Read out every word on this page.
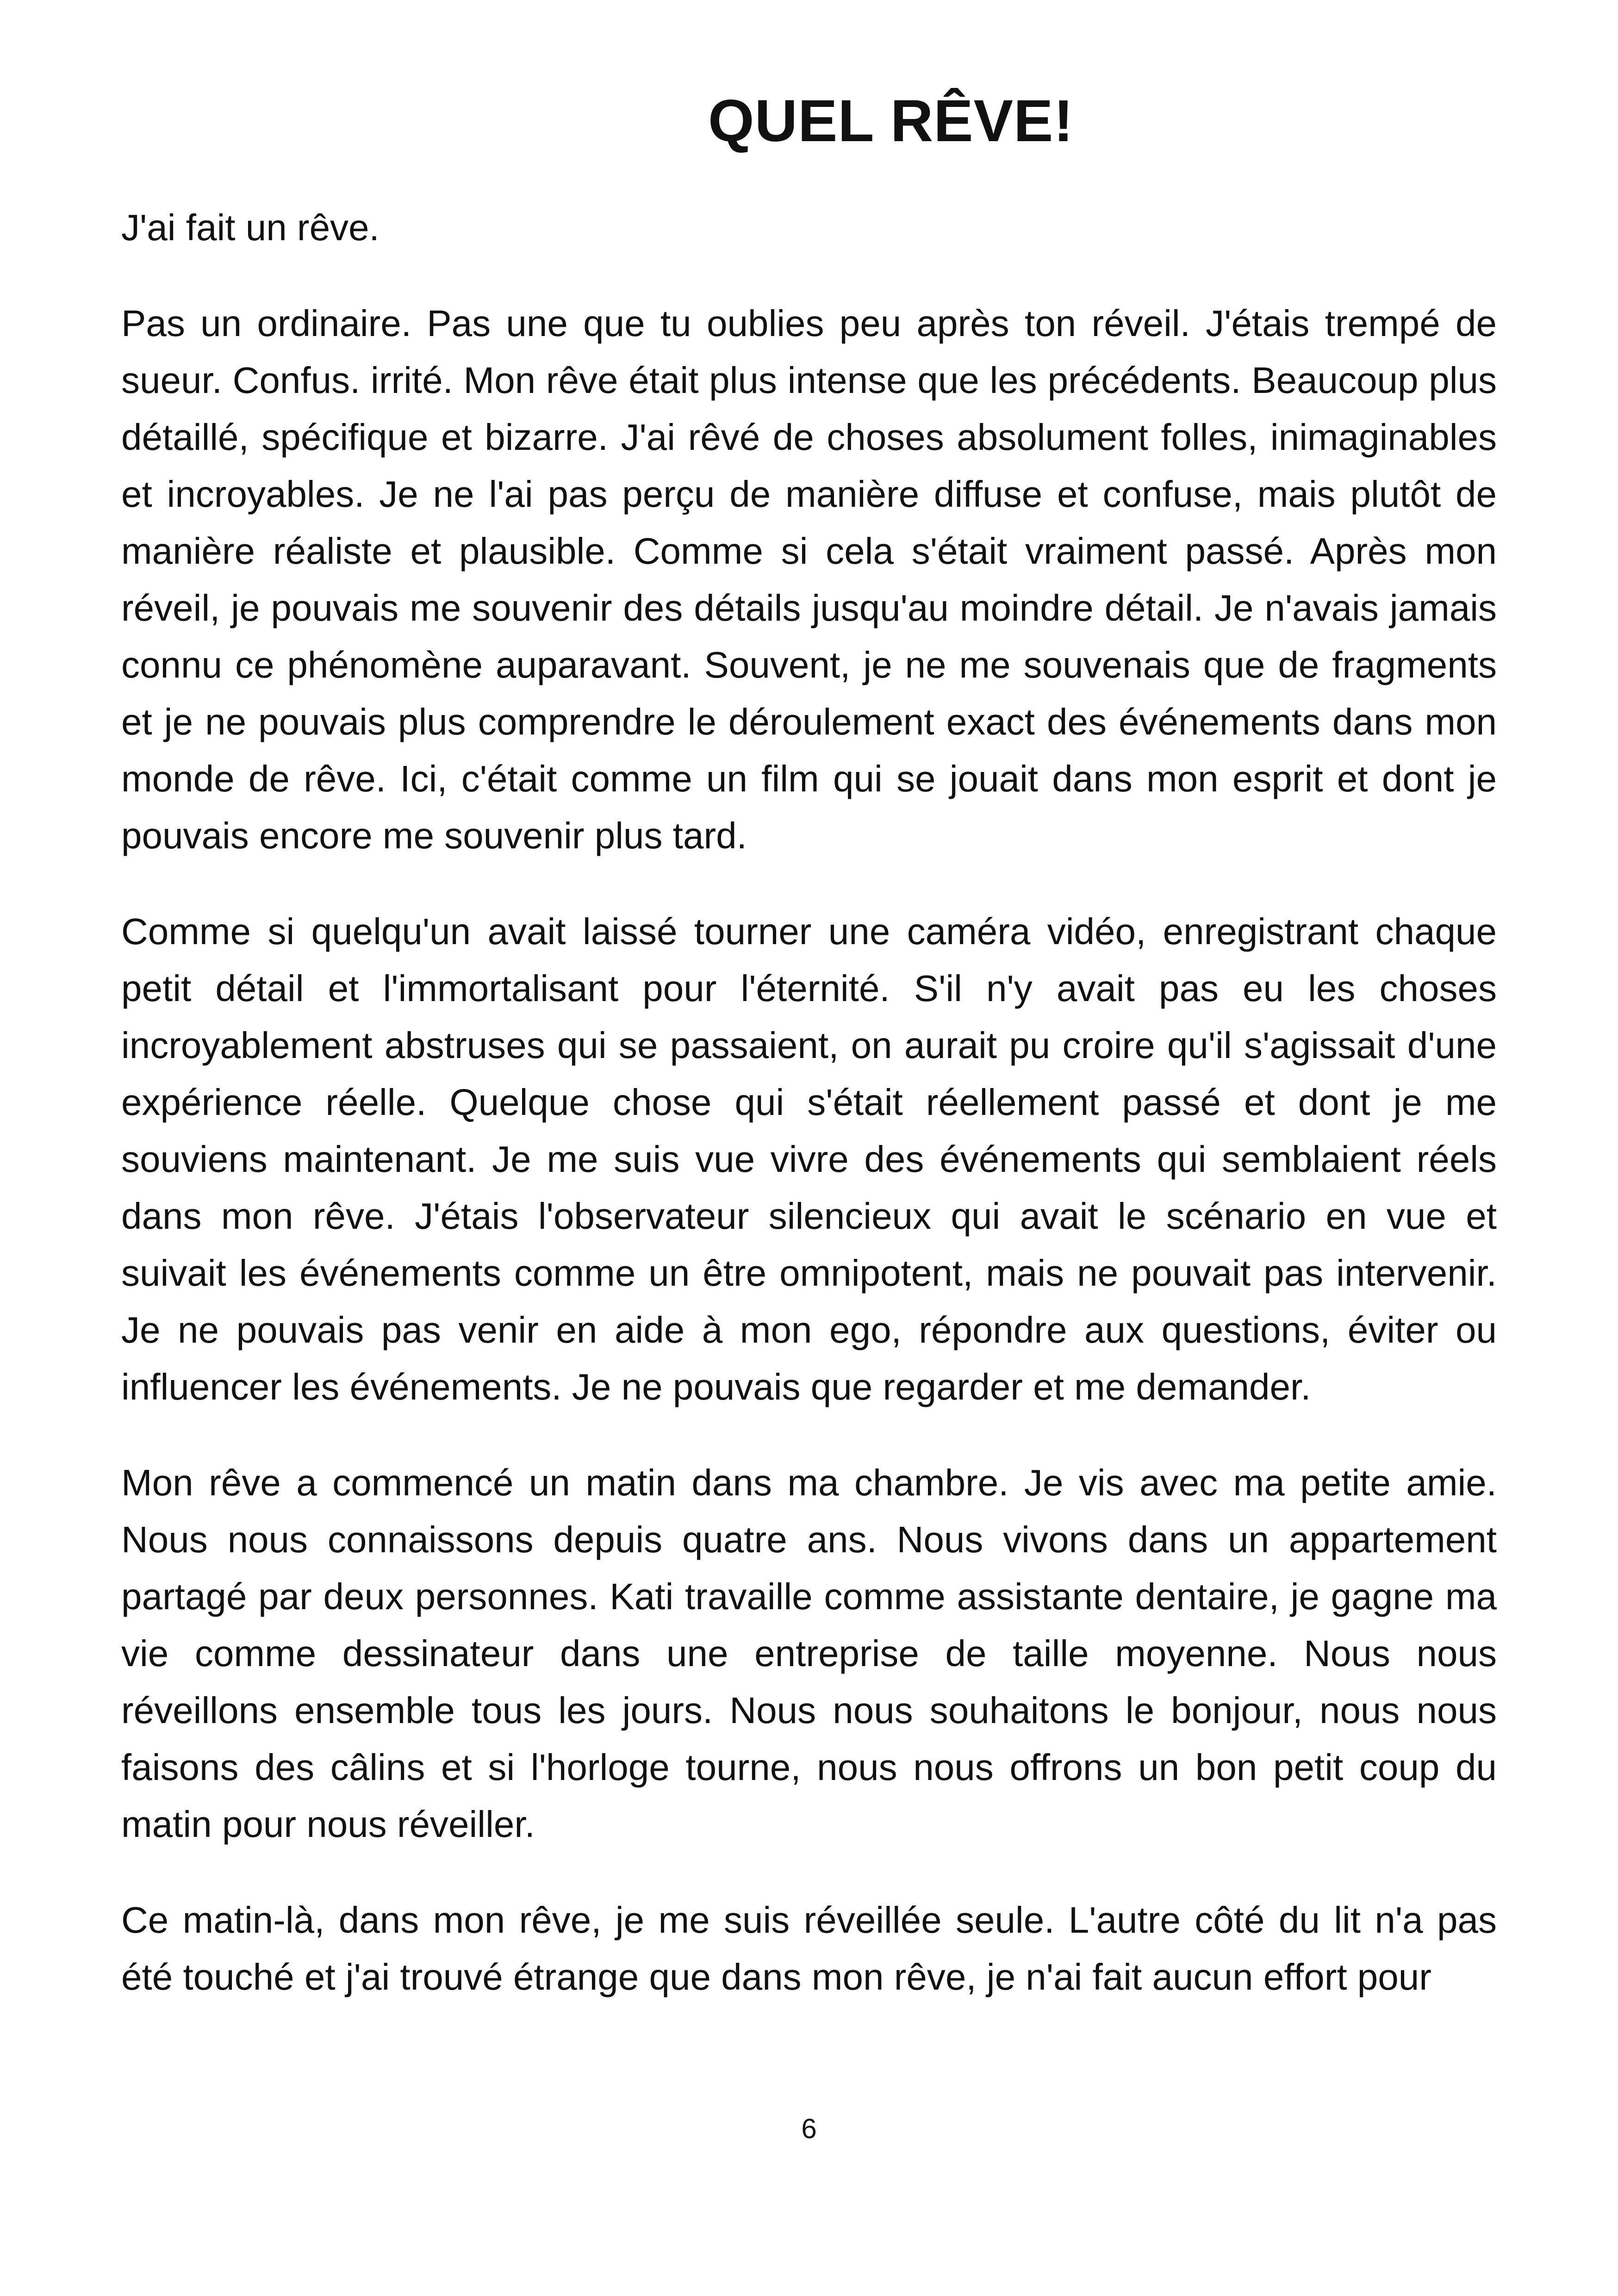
QUEL RÊVE!

J'ai fait un rêve.

Pas un ordinaire. Pas une que tu oublies peu après ton réveil. J'étais trempé de sueur. Confus. irrité. Mon rêve était plus intense que les précédents. Beaucoup plus détaillé, spécifique et bizarre. J'ai rêvé de choses absolument folles, inimaginables et incroyables. Je ne l'ai pas perçu de manière diffuse et confuse, mais plutôt de manière réaliste et plausible. Comme si cela s'était vraiment passé. Après mon réveil, je pouvais me souvenir des détails jusqu'au moindre détail. Je n'avais jamais connu ce phénomène auparavant. Souvent, je ne me souvenais que de fragments et je ne pouvais plus comprendre le déroulement exact des événements dans mon monde de rêve. Ici, c'était comme un film qui se jouait dans mon esprit et dont je pouvais encore me souvenir plus tard.

Comme si quelqu'un avait laissé tourner une caméra vidéo, enregistrant chaque petit détail et l'immortalisant pour l'éternité. S'il n'y avait pas eu les choses incroyablement abstruses qui se passaient, on aurait pu croire qu'il s'agissait d'une expérience réelle. Quelque chose qui s'était réellement passé et dont je me souviens maintenant. Je me suis vue vivre des événements qui semblaient réels dans mon rêve. J'étais l'observateur silencieux qui avait le scénario en vue et suivait les événements comme un être omnipotent, mais ne pouvait pas intervenir. Je ne pouvais pas venir en aide à mon ego, répondre aux questions, éviter ou influencer les événements. Je ne pouvais que regarder et me demander.

Mon rêve a commencé un matin dans ma chambre. Je vis avec ma petite amie. Nous nous connaissons depuis quatre ans. Nous vivons dans un appartement partagé par deux personnes. Kati travaille comme assistante dentaire, je gagne ma vie comme dessinateur dans une entreprise de taille moyenne. Nous nous réveillons ensemble tous les jours. Nous nous souhaitons le bonjour, nous nous faisons des câlins et si l'horloge tourne, nous nous offrons un bon petit coup du matin pour nous réveiller.

Ce matin-là, dans mon rêve, je me suis réveillée seule. L'autre côté du lit n'a pas été touché et j'ai trouvé étrange que dans mon rêve, je n'ai fait aucun effort pour

6
